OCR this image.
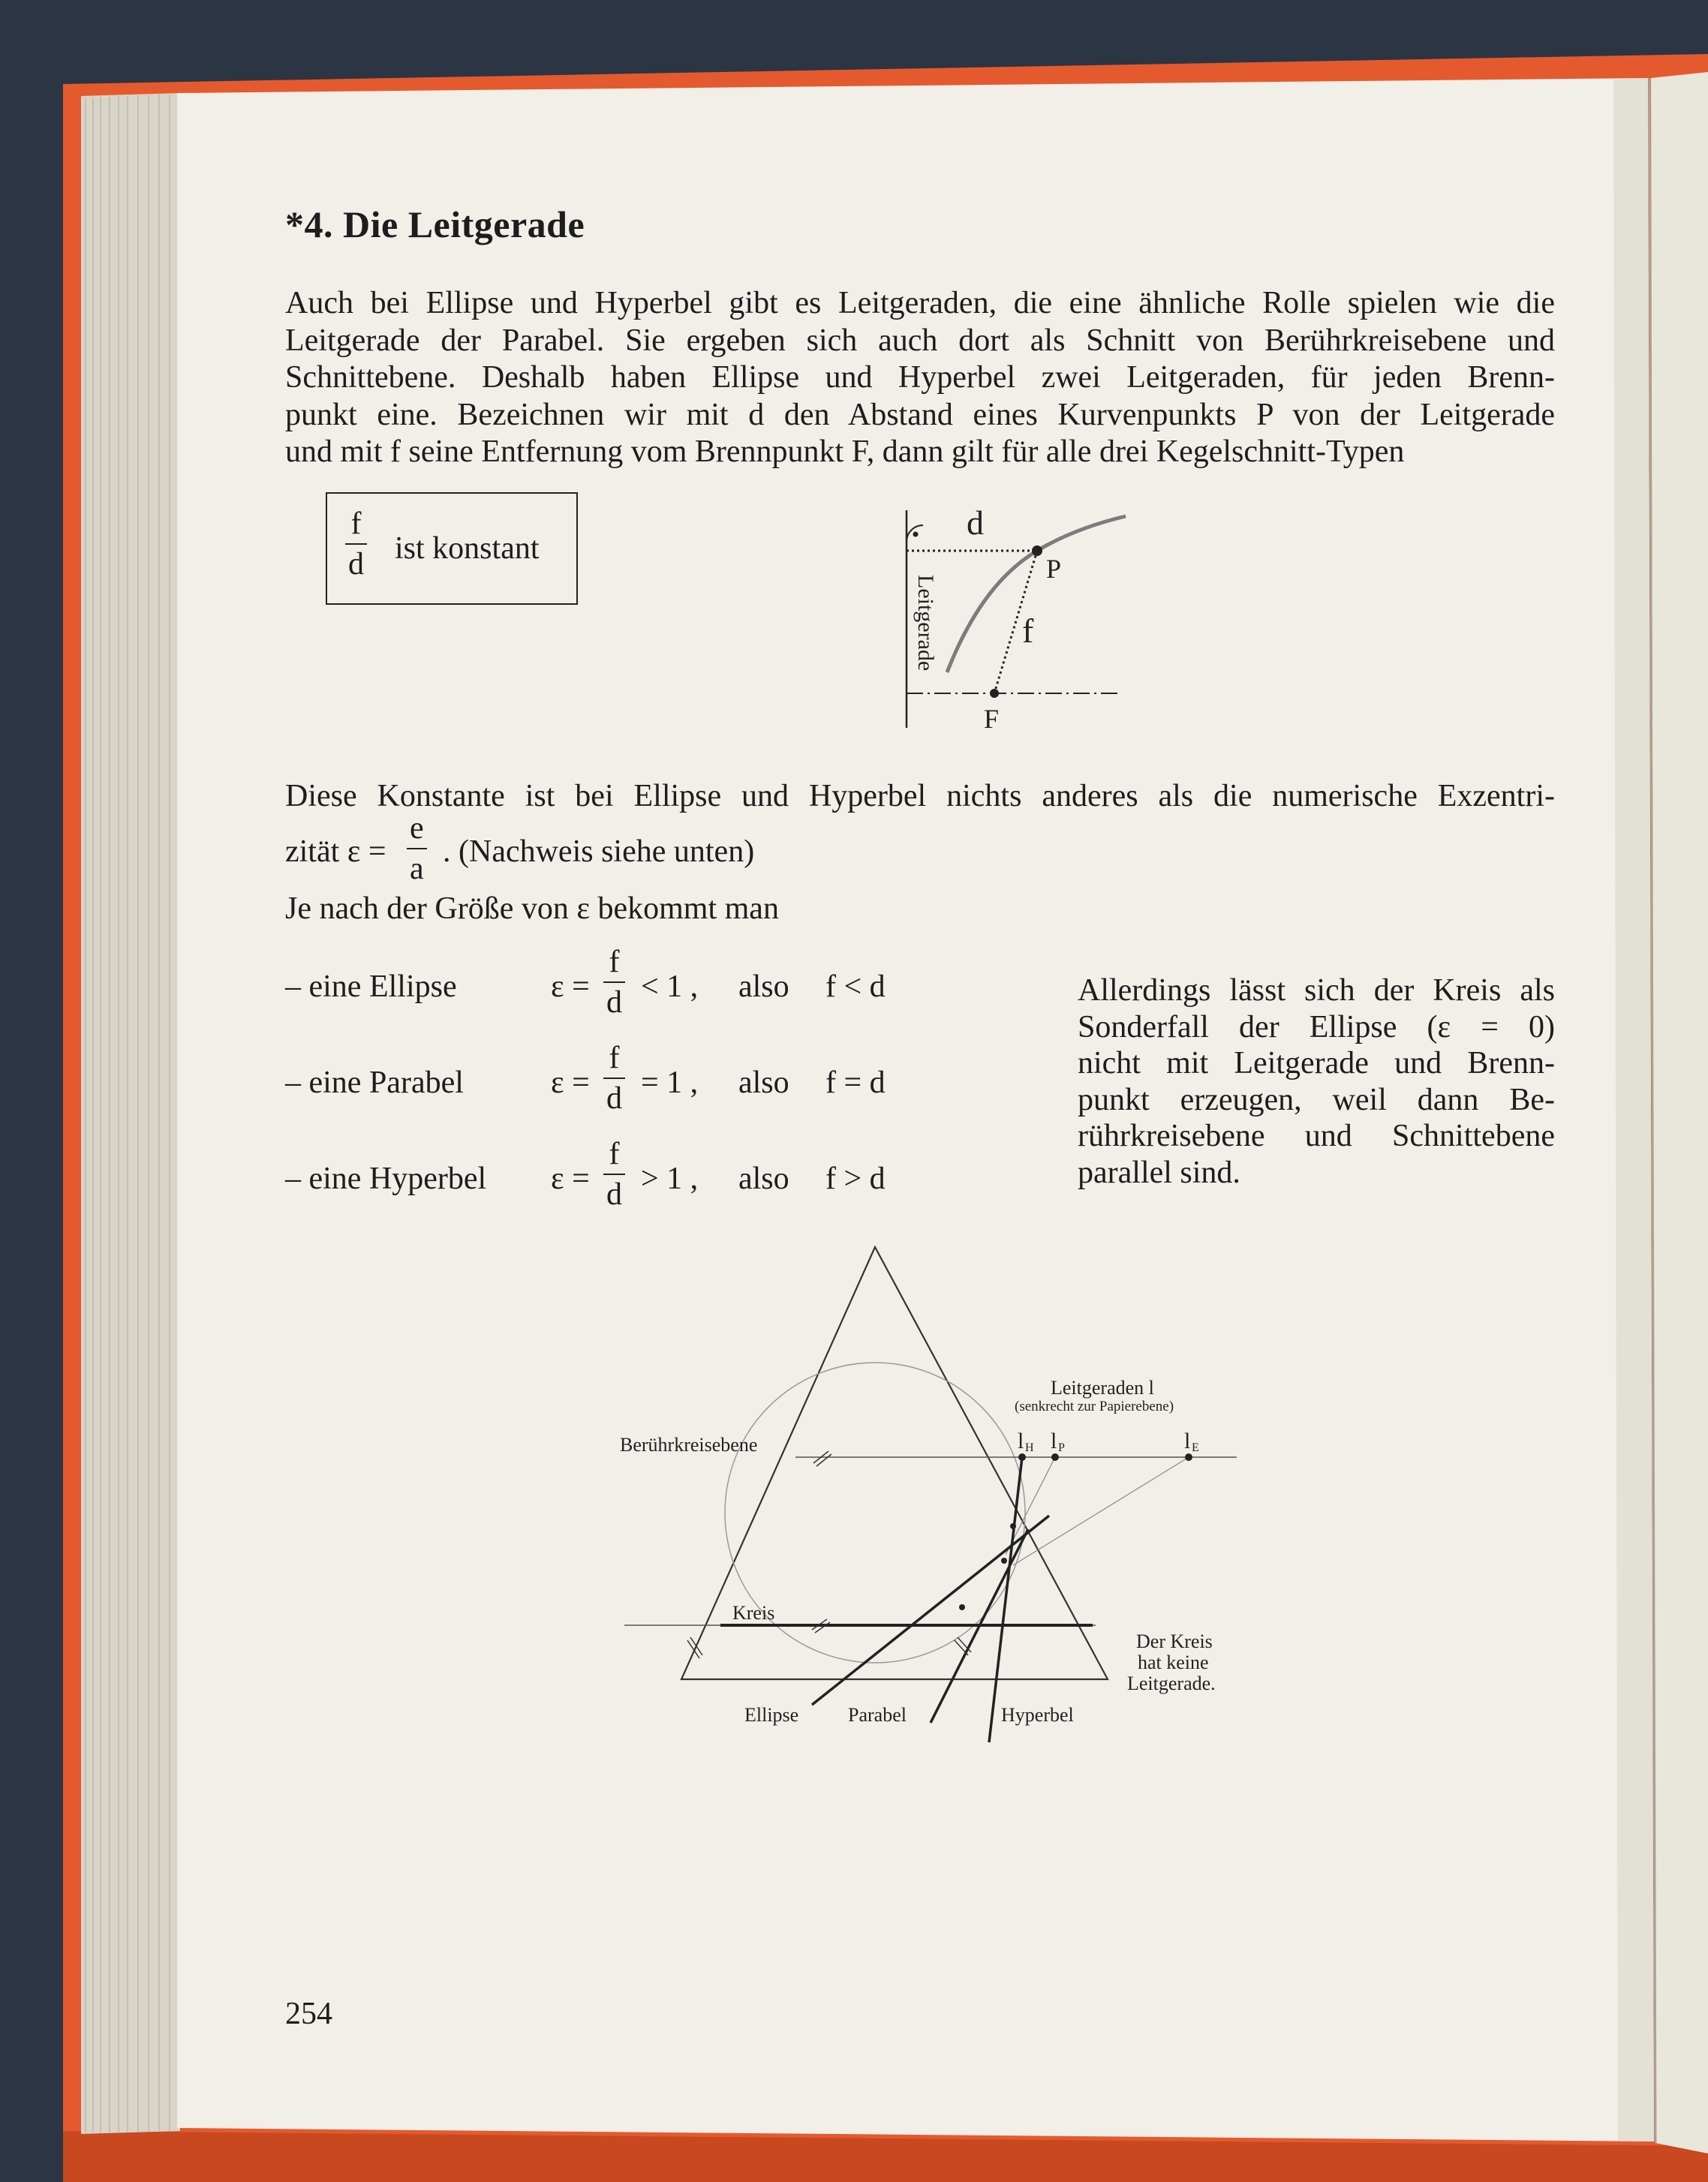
*4. Die Leitgerade
Auch bei Ellipse und Hyperbel gibt es Leitgeraden, die eine ähnliche Rolle spielen wie die
Leitgerade der Parabel. Sie ergeben sich auch dort als Schnitt von Berührkreisebene und
Schnittebene. Deshalb haben Ellipse und Hyperbel zwei Leitgeraden, für jeden Brenn-
punkt eine. Bezeichnen wir mit d den Abstand eines Kurvenpunkts P von der Leitgerade
und mit f seine Entfernung vom Brennpunkt F, dann gilt für alle drei Kegelschnitt-Typen
f
d ist konstant
d
P
f
F
Leitgerade
Diese Konstante ist bei Ellipse und Hyperbel nichts anderes als die numerische Exzentri-
zität ε =
e
a . (Nachweis siehe unten)
Je nach der Größe von ε bekommt man
– eine Ellipse	ε =
f
d < 1 , also f < d
– eine Parabel	ε =
f
d = 1 , also f = d
– eine Hyperbel ε =
f
d > 1 , also f > d
Allerdings lässt sich der Kreis als
Sonderfall der Ellipse (ε = 0)
nicht mit Leitgerade und Brenn-
punkt erzeugen, weil dann Be-
rührkreisebene und Schnittebene
parallel sind.
Leitgeraden l
(senkrecht zur Papierebene)
Berührkreisebene	l H l P	l E
Kreis
Der Kreis
hat keine
Leitgerade.
Ellipse	Parabel	Hyperbel
254
